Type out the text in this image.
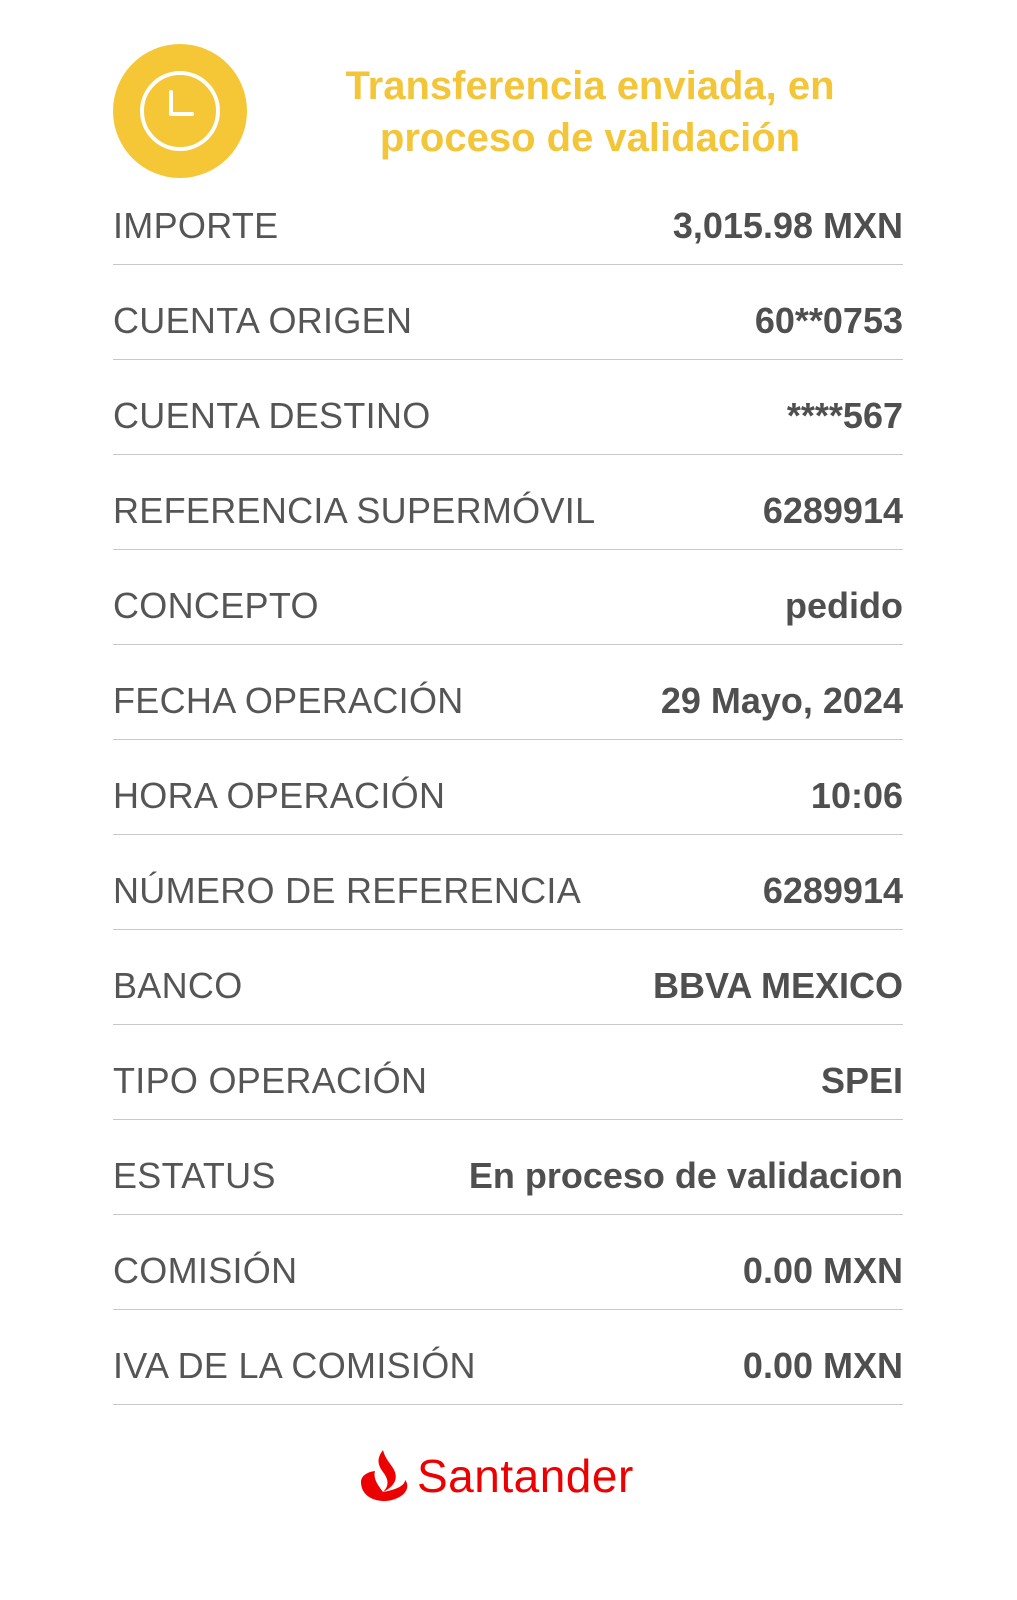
Transferencia enviada, en
proceso de validación
IMPORTE	3,015.98 MXN
CUENTA ORIGEN	60**0753
CUENTA DESTINO	****567
REFERENCIA SUPERMÓVIL	6289914
CONCEPTO	pedido
FECHA OPERACIÓN	29 Mayo, 2024
HORA OPERACIÓN	10:06
NÚMERO DE REFERENCIA	6289914
BANCO	BBVA MEXICO
TIPO OPERACIÓN	SPEI
ESTATUS	En proceso de validacion
COMISIÓN	0.00 MXN
IVA DE LA COMISIÓN	0.00 MXN
Santander
